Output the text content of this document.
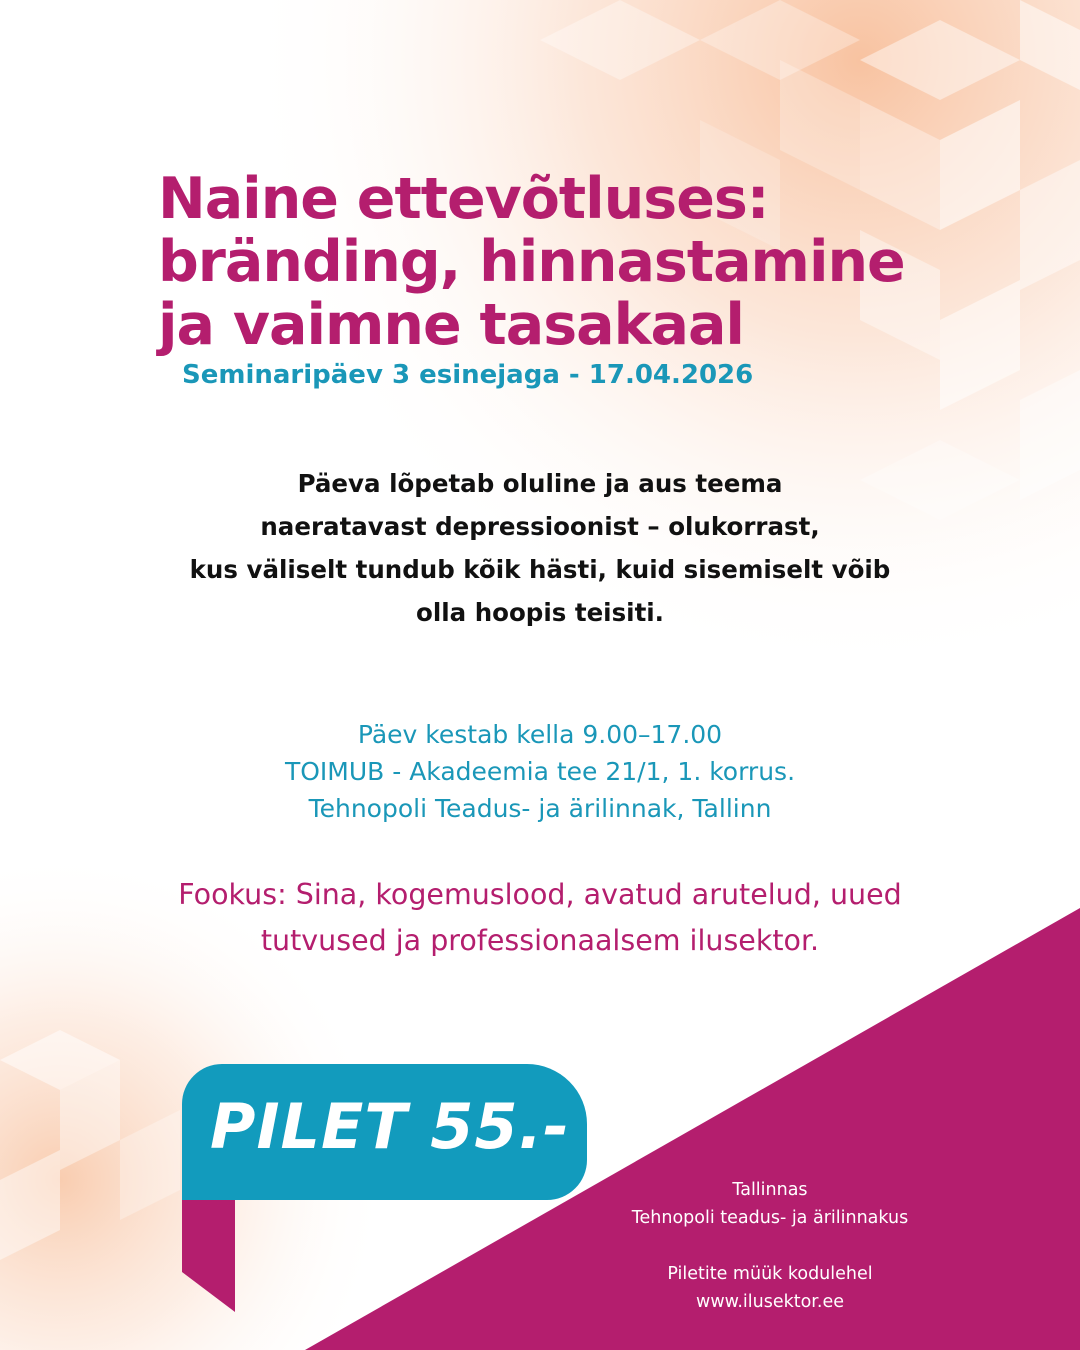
Naine ettevõtluses:
bränding, hinnastamine
ja vaimne tasakaal
Seminaripäev 3 esinejaga - 17.04.2026
Päeva lõpetab oluline ja aus teema
naeratavast depressioonist – olukorrast,
kus väliselt tundub kõik hästi, kuid sisemiselt võib
olla hoopis teisiti.
Päev kestab kella 9.00–17.00
TOIMUB - Akadeemia tee 21/1, 1. korrus.
Tehnopoli Teadus- ja ärilinnak, Tallinn
Fookus: Sina, kogemuslood, avatud arutelud, uued
tutvused ja professionaalsem ilusektor.
PILET 55.-
Tallinnas
Tehnopoli teadus- ja ärilinnakus
Piletite müük kodulehel
www.ilusektor.ee
